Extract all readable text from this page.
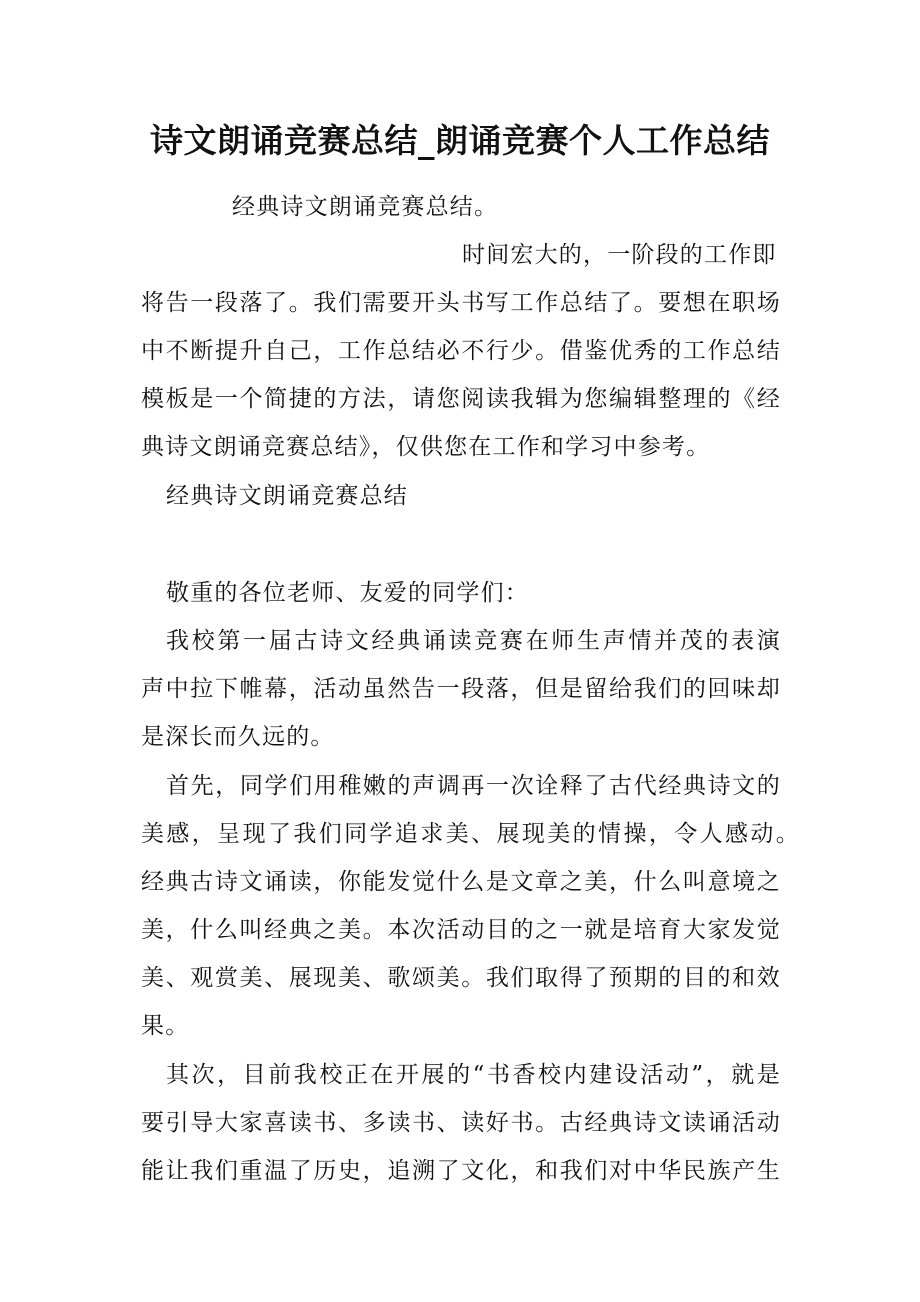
诗文朗诵竞赛总结_朗诵竞赛个人工作总结
经典诗文朗诵竞赛总结。
时间宏大的，一阶段的工作即
将告一段落了。我们需要开头书写工作总结了。要想在职场
中不断提升自己，工作总结必不行少。借鉴优秀的工作总结
模板是一个简捷的方法，请您阅读我辑为您编辑整理的《经
典诗文朗诵竞赛总结》，仅供您在工作和学习中参考。
经典诗文朗诵竞赛总结
敬重的各位老师、友爱的同学们：
我校第一届古诗文经典诵读竞赛在师生声情并茂的表演
声中拉下帷幕，活动虽然告一段落，但是留给我们的回味却
是深长而久远的。
首先，同学们用稚嫩的声调再一次诠释了古代经典诗文的
美感，呈现了我们同学追求美、展现美的情操，令人感动。
经典古诗文诵读，你能发觉什么是文章之美，什么叫意境之
美，什么叫经典之美。本次活动目的之一就是培育大家发觉
美、观赏美、展现美、歌颂美。我们取得了预期的目的和效
果。
其次，目前我校正在开展的“书香校内建设活动”，就是
要引导大家喜读书、多读书、读好书。古经典诗文读诵活动
能让我们重温了历史，追溯了文化，和我们对中华民族产生
